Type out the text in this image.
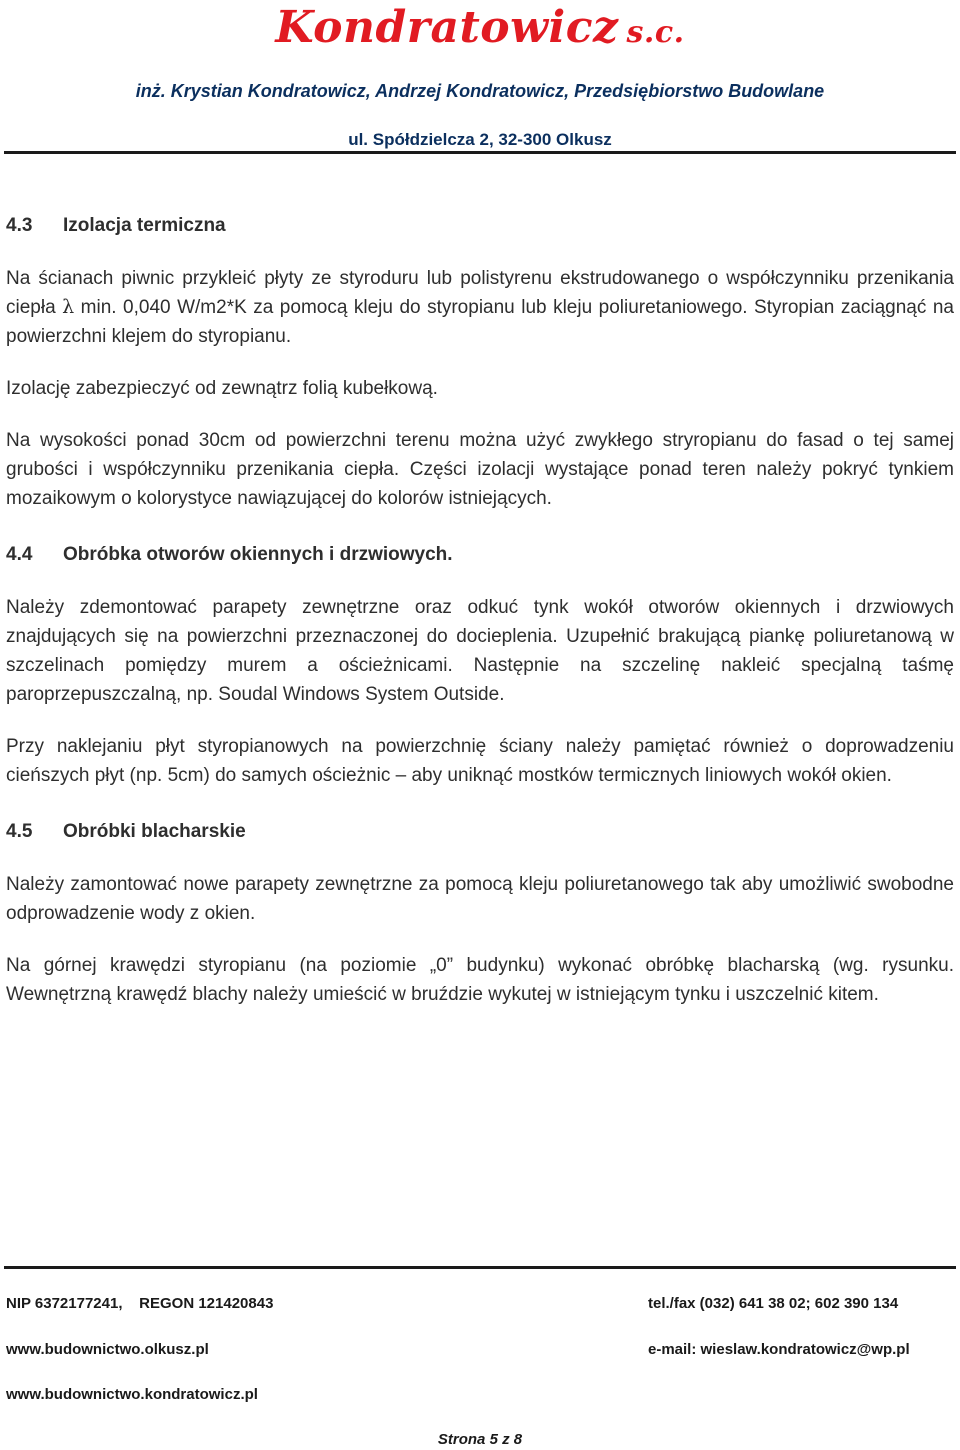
Kondratowicz s.c.
inż. Krystian Kondratowicz, Andrzej Kondratowicz, Przedsiębiorstwo Budowlane
ul. Spółdzielcza 2, 32-300 Olkusz
4.3 Izolacja termiczna

Na ścianach piwnic przykleić płyty ze styroduru lub polistyrenu ekstrudowanego o współczynniku przenikania ciepła λ min. 0,040 W/m2*K za pomocą kleju do styropianu lub kleju poliuretaniowego. Styropian zaciągnąć na powierzchni klejem do styropianu.

Izolację zabezpieczyć od zewnątrz folią kubełkową.

Na wysokości ponad 30cm od powierzchni terenu można użyć zwykłego stryropianu do fasad o tej samej grubości i współczynniku przenikania ciepła. Części izolacji wystające ponad teren należy pokryć tynkiem mozaikowym o kolorystyce nawiązującej do kolorów istniejących.

4.4 Obróbka otworów okiennych i drzwiowych.

Należy zdemontować parapety zewnętrzne oraz odkuć tynk wokół otworów okiennych i drzwiowych znajdujących się na powierzchni przeznaczonej do docieplenia. Uzupełnić brakującą piankę poliuretanową w szczelinach pomiędzy murem a ościeżnicami. Następnie na szczelinę nakleić specjalną taśmę paroprzepuszczalną, np. Soudal Windows System Outside.

Przy naklejaniu płyt styropianowych na powierzchnię ściany należy pamiętać również o doprowadzeniu cieńszych płyt (np. 5cm) do samych ościeżnic – aby uniknąć mostków termicznych liniowych wokół okien.

4.5 Obróbki blacharskie

Należy zamontować nowe parapety zewnętrzne za pomocą kleju poliuretanowego tak aby umożliwić swobodne odprowadzenie wody z okien.

Na górnej krawędzi styropianu (na poziomie „0” budynku) wykonać obróbkę blacharską (wg. rysunku. Wewnętrzną krawędź blachy należy umieścić w bruździe wykutej w istniejącym tynku i uszczelnić kitem.

NIP 6372177241,    REGON 121420843	tel./fax (032) 641 38 02; 602 390 134
www.budownictwo.olkusz.pl	e-mail: wieslaw.kondratowicz@wp.pl
www.budownictwo.kondratowicz.pl
Strona 5 z 8
